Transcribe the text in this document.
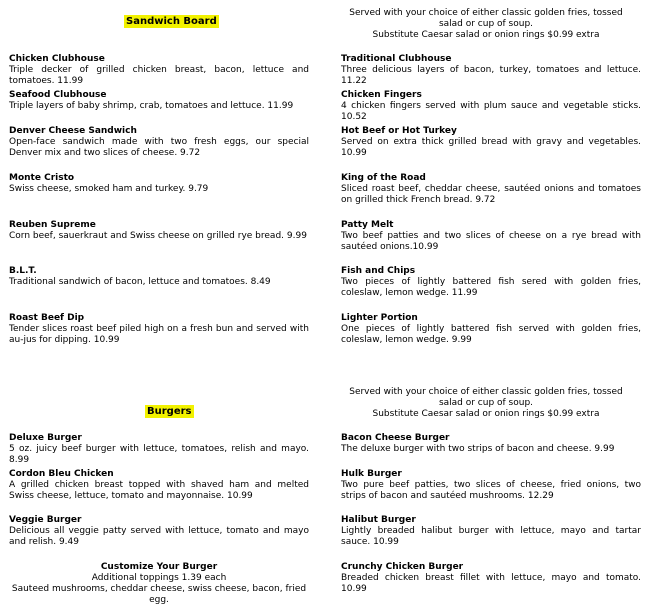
Sandwich Board
Served with your choice of either classic golden fries, tossed salad or cup of soup.
Substitute Caesar salad or onion rings $0.99 extra
Chicken Clubhouse
Triple decker of grilled chicken breast, bacon, lettuce and tomatoes. 11.99
Seafood Clubhouse
Triple layers of baby shrimp, crab, tomatoes and lettuce. 11.99
Denver Cheese Sandwich
Open-face sandwich made with two fresh eggs, our special Denver mix and two slices of cheese. 9.72
Monte Cristo
Swiss cheese, smoked ham and turkey. 9.79
Reuben Supreme
Corn beef, sauerkraut and Swiss cheese on grilled rye bread. 9.99
B.L.T.
Traditional sandwich of bacon, lettuce and tomatoes. 8.49
Roast Beef Dip
Tender slices roast beef piled high on a fresh bun and served with au-jus for dipping. 10.99
Traditional Clubhouse
Three delicious layers of bacon, turkey, tomatoes and lettuce. 11.22
Chicken Fingers
4 chicken fingers served with plum sauce and vegetable sticks. 10.52
Hot Beef or Hot Turkey
Served on extra thick grilled bread with gravy and vegetables. 10.99
King of the Road
Sliced roast beef, cheddar cheese, sautéed onions and tomatoes on grilled thick French bread. 9.72
Patty Melt
Two beef patties and two slices of cheese on a rye bread with sautéed onions.10.99
Fish and Chips
Two pieces of lightly battered fish sered with golden fries, coleslaw, lemon wedge. 11.99
Lighter Portion
One pieces of lightly battered fish served with golden fries, coleslaw, lemon wedge. 9.99
Burgers
Served with your choice of either classic golden fries, tossed salad or cup of soup.
Substitute Caesar salad or onion rings $0.99 extra
Deluxe Burger
5 oz. juicy beef burger with lettuce, tomatoes, relish and mayo. 8.99
Cordon Bleu Chicken
A grilled chicken breast topped with shaved ham and melted Swiss cheese, lettuce, tomato and mayonnaise. 10.99
Veggie Burger
Delicious all veggie patty served with lettuce, tomato and mayo and relish. 9.49
Customize Your Burger
Additional toppings 1.39 each
Sauteed mushrooms, cheddar cheese, swiss cheese, bacon, fried egg.
Bacon Cheese Burger
The deluxe burger with two strips of bacon and cheese. 9.99
Hulk Burger
Two pure beef patties, two slices of cheese, fried onions, two strips of bacon and sautéed mushrooms. 12.29
Halibut Burger
Lightly breaded halibut burger with lettuce, mayo and tartar sauce. 10.99
Crunchy Chicken Burger
Breaded chicken breast fillet with lettuce, mayo and tomato. 10.99
